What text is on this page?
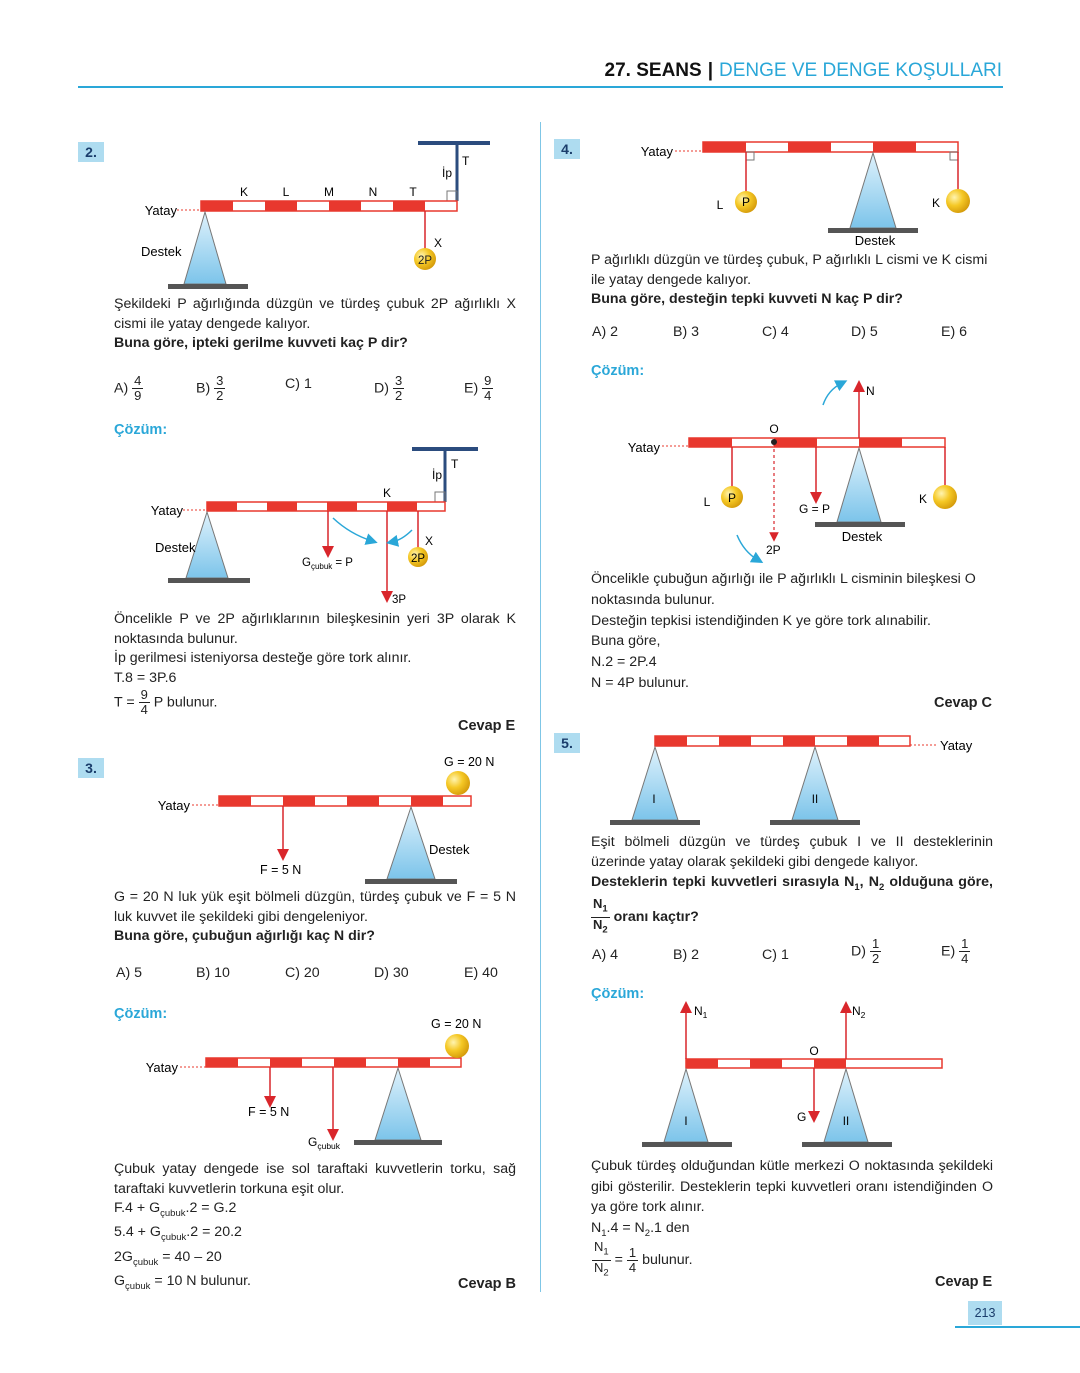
27. SEANS | DENGE VE DENGE KOŞULLARI
2.
Yatay
Destek
K	L	M	N	T
T
İp
X
2P

Şekildeki P ağırlığında düzgün ve türdeş çubuk 2P ağırlıklı X cismi ile yatay dengede kalıyor.

Buna göre, ipteki gerilme kuvveti kaç P dir?

$A) \frac{4}{9}$	$B) \frac{3}{2}$	C) 1	$D) \frac{3}{2}$	$E) \frac{9}{4}$
Çözüm:
Yatay
Destek
K
T
İp
X
2P
$G_{çubuk} = P$
3P

Öncelikle P ve 2P ağırlıklarının bileşkesinin yeri 3P olarak K noktasında bulunur.

İp gerilmesi isteniyorsa desteğe göre tork alınır.

T.8 = 3P.6

$T = \frac{9}{4}$ P bulunur.
Cevap E
3.
Yatay
Destek
G = 20 N
F = 5 N

G = 20 N luk yük eşit bölmeli düzgün, türdeş çubuk ve F = 5 N luk kuvvet ile şekildeki gibi dengeleniyor.

Buna göre, çubuğun ağırlığı kaç N dir?

A) 5	B) 10	C) 20	D) 30	E) 40
Çözüm:
Yatay
G = 20 N
F = 5 N
$G_{çubuk}$

Çubuk yatay dengede ise sol taraftaki kuvvetlerin torku, sağ taraftaki kuvvetlerin torkuna eşit olur.

$F.4 + G_{çubuk}.2 = G.2$

$5.4 + G_{çubuk}.2 = 20.2$

$2G_{çubuk} = 40 - 20$

$G_{çubuk} = 10$ N bulunur.	Cevap B
4.	Yatay
L P	K
Destek

P ağırlıklı düzgün ve türdeş çubuk, P ağırlıklı L cismi ve K cismi ile yatay dengede kalıyor.

Buna göre, desteğin tepki kuvveti N kaç P dir?

A) 2	B) 3	C) 4	D) 5	E) 6
Çözüm:
Yatay
O
N
L P	K
G = P
2P
Destek

Öncelikle çubuğun ağırlığı ile P ağırlıklı L cisminin bileşkesi O noktasında bulunur.

Desteğin tepkisi istendiğinden K ye göre tork alınabilir.

Buna göre,

N.2 = 2P.4

N = 4P bulunur.

Cevap C
5.	Yatay
I	II

Eşit bölmeli düzgün ve türdeş çubuk I ve II desteklerinin üzerinde yatay olarak şekildeki gibi dengede kalıyor.

Desteklerin tepki kuvvetleri sırasıyla $N_1$, $N_2$ olduğuna göre,
$\frac{N_1}{N_2}$ oranı kaçtır?

A) 4	B) 2	C) 1	$D) \frac{1}{2}$	$E) \frac{1}{4}$
Çözüm:
$N_1$	$N_2$
O
G
I	II

Çubuk türdeş olduğundan kütle merkezi O noktasında şekildeki gibi gösterilir. Desteklerin tepki kuvvetleri oranı istendiğinden O ya göre tork alınır.

$N_1.4 = N_2.1$ den

$\frac{N_1}{N_2} = \frac{1}{4}$ bulunur.
Cevap E
213
